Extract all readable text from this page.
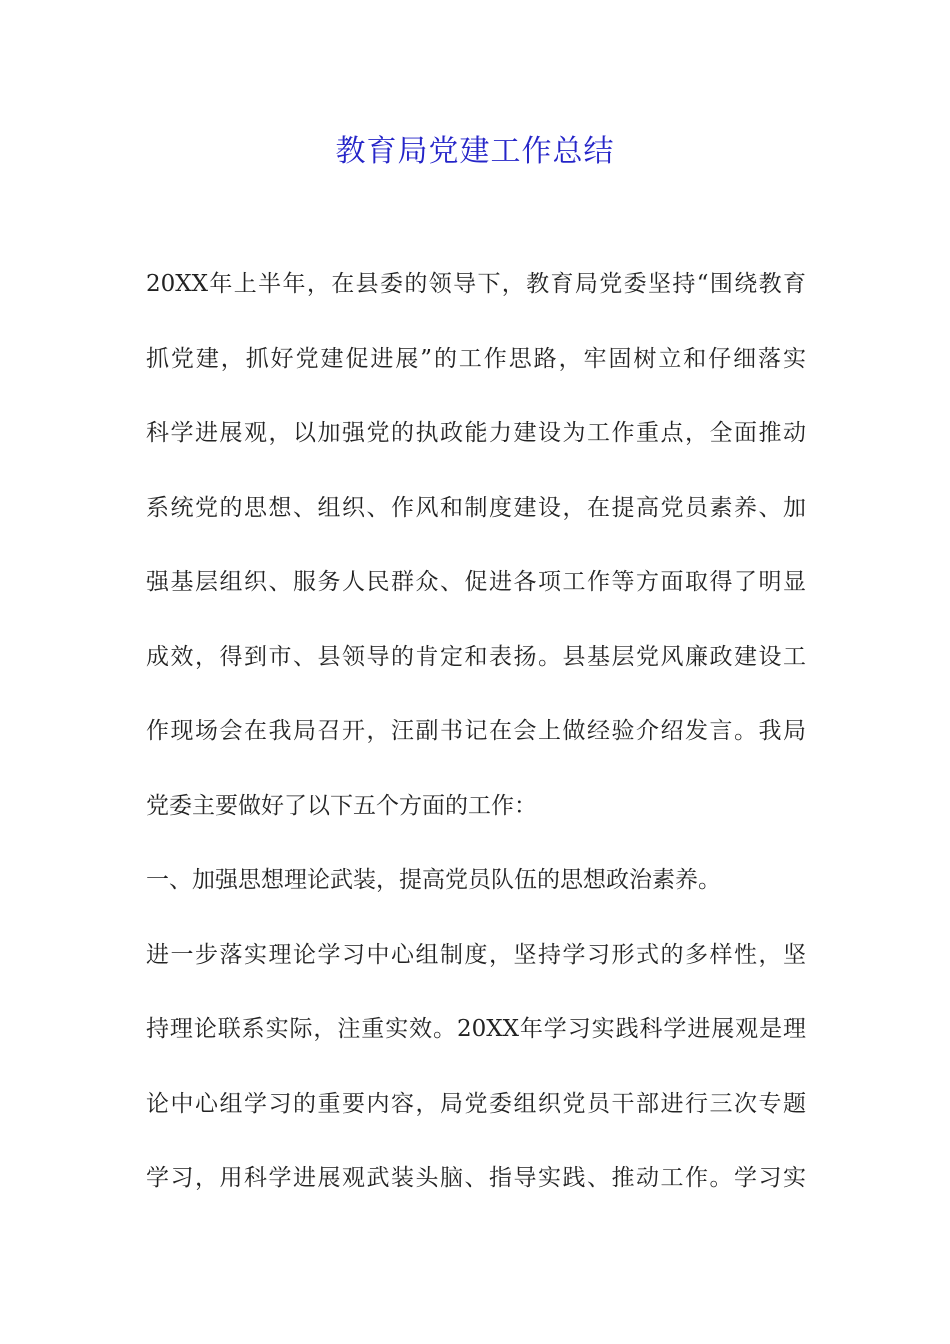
教育局党建工作总结

20XX年上半年，在县委的领导下，教育局党委坚持“围绕教育

抓党建，抓好党建促进展”的工作思路，牢固树立和仔细落实

科学进展观，以加强党的执政能力建设为工作重点，全面推动

系统党的思想、组织、作风和制度建设，在提高党员素养、加

强基层组织、服务人民群众、促进各项工作等方面取得了明显

成效，得到市、县领导的肯定和表扬。县基层党风廉政建设工

作现场会在我局召开，汪副书记在会上做经验介绍发言。我局

党委主要做好了以下五个方面的工作：

一、加强思想理论武装，提高党员队伍的思想政治素养。

进一步落实理论学习中心组制度，坚持学习形式的多样性，坚

持理论联系实际，注重实效。20XX年学习实践科学进展观是理

论中心组学习的重要内容，局党委组织党员干部进行三次专题

学习，用科学进展观武装头脑、指导实践、推动工作。学习实
